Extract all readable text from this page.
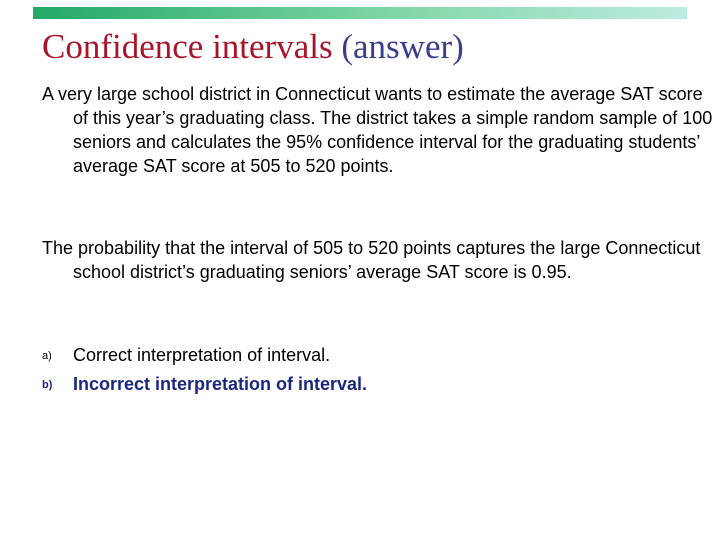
Confidence intervals (answer)

A very large school district in Connecticut wants to estimate the average SAT score of this year’s graduating class. The district takes a simple random sample of 100 seniors and calculates the 95% confidence interval for the graduating students’ average SAT score at 505 to 520 points.

The probability that the interval of 505 to 520 points captures the large Connecticut school district’s graduating seniors’ average SAT score is 0.95.

a)	Correct interpretation of interval.
b)	Incorrect interpretation of interval.
